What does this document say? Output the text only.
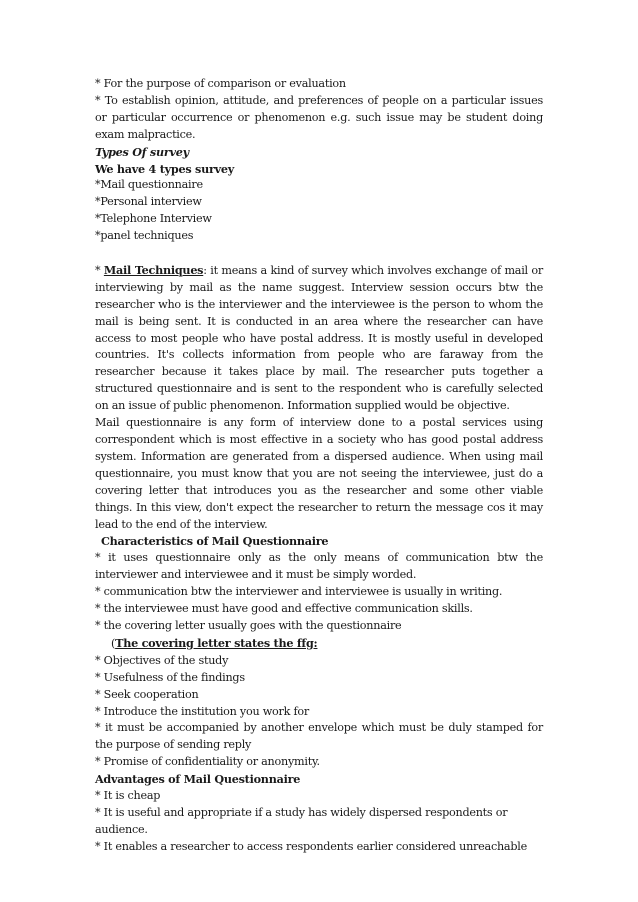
* For the purpose of comparison or evaluation

* To establish opinion, attitude, and preferences of people on a particular issues or particular occurrence or phenomenon e.g. such issue may be student doing exam malpractice.

Types Of survey

We have 4 types survey

*Mail questionnaire

*Personal interview

*Telephone Interview

*panel techniques

* Mail Techniques: it means a kind of survey which involves exchange of mail or interviewing by mail as the name suggest. Interview session occurs btw the researcher who is the interviewer and the interviewee is the person to whom the mail is being sent. It is conducted in an area where the researcher can have access to most people who have postal address. It is mostly useful in developed countries. It's collects information from people who are faraway from the researcher because it takes place by mail. The researcher puts together a structured questionnaire and is sent to the respondent who is carefully selected on an issue of public phenomenon. Information supplied would be objective.

Mail questionnaire is any form of interview done to a postal services using correspondent which is most effective in a society who has good postal address system. Information are generated from a dispersed audience. When using mail questionnaire, you must know that you are not seeing the interviewee, just do a covering letter that introduces you as the researcher and some other viable things. In this view, don't expect the researcher to return the message cos it may lead to the end of the interview.

Characteristics of Mail Questionnaire

* it uses questionnaire only as the only means of communication btw the interviewer and interviewee and it must be simply worded.

* communication btw the interviewer and interviewee is usually in writing.

* the interviewee must have good and effective communication skills.

* the covering letter usually goes with the questionnaire

(The covering letter states the ffg:

* Objectives of the study

* Usefulness of the findings

* Seek cooperation

* Introduce the institution you work for

* it must be accompanied by another envelope which must be duly stamped for the purpose of sending reply

* Promise of confidentiality or anonymity.

Advantages of Mail Questionnaire

* It is cheap

* It is useful and appropriate if a study has widely dispersed respondents or audience.

* It enables a researcher to access respondents earlier considered unreachable
